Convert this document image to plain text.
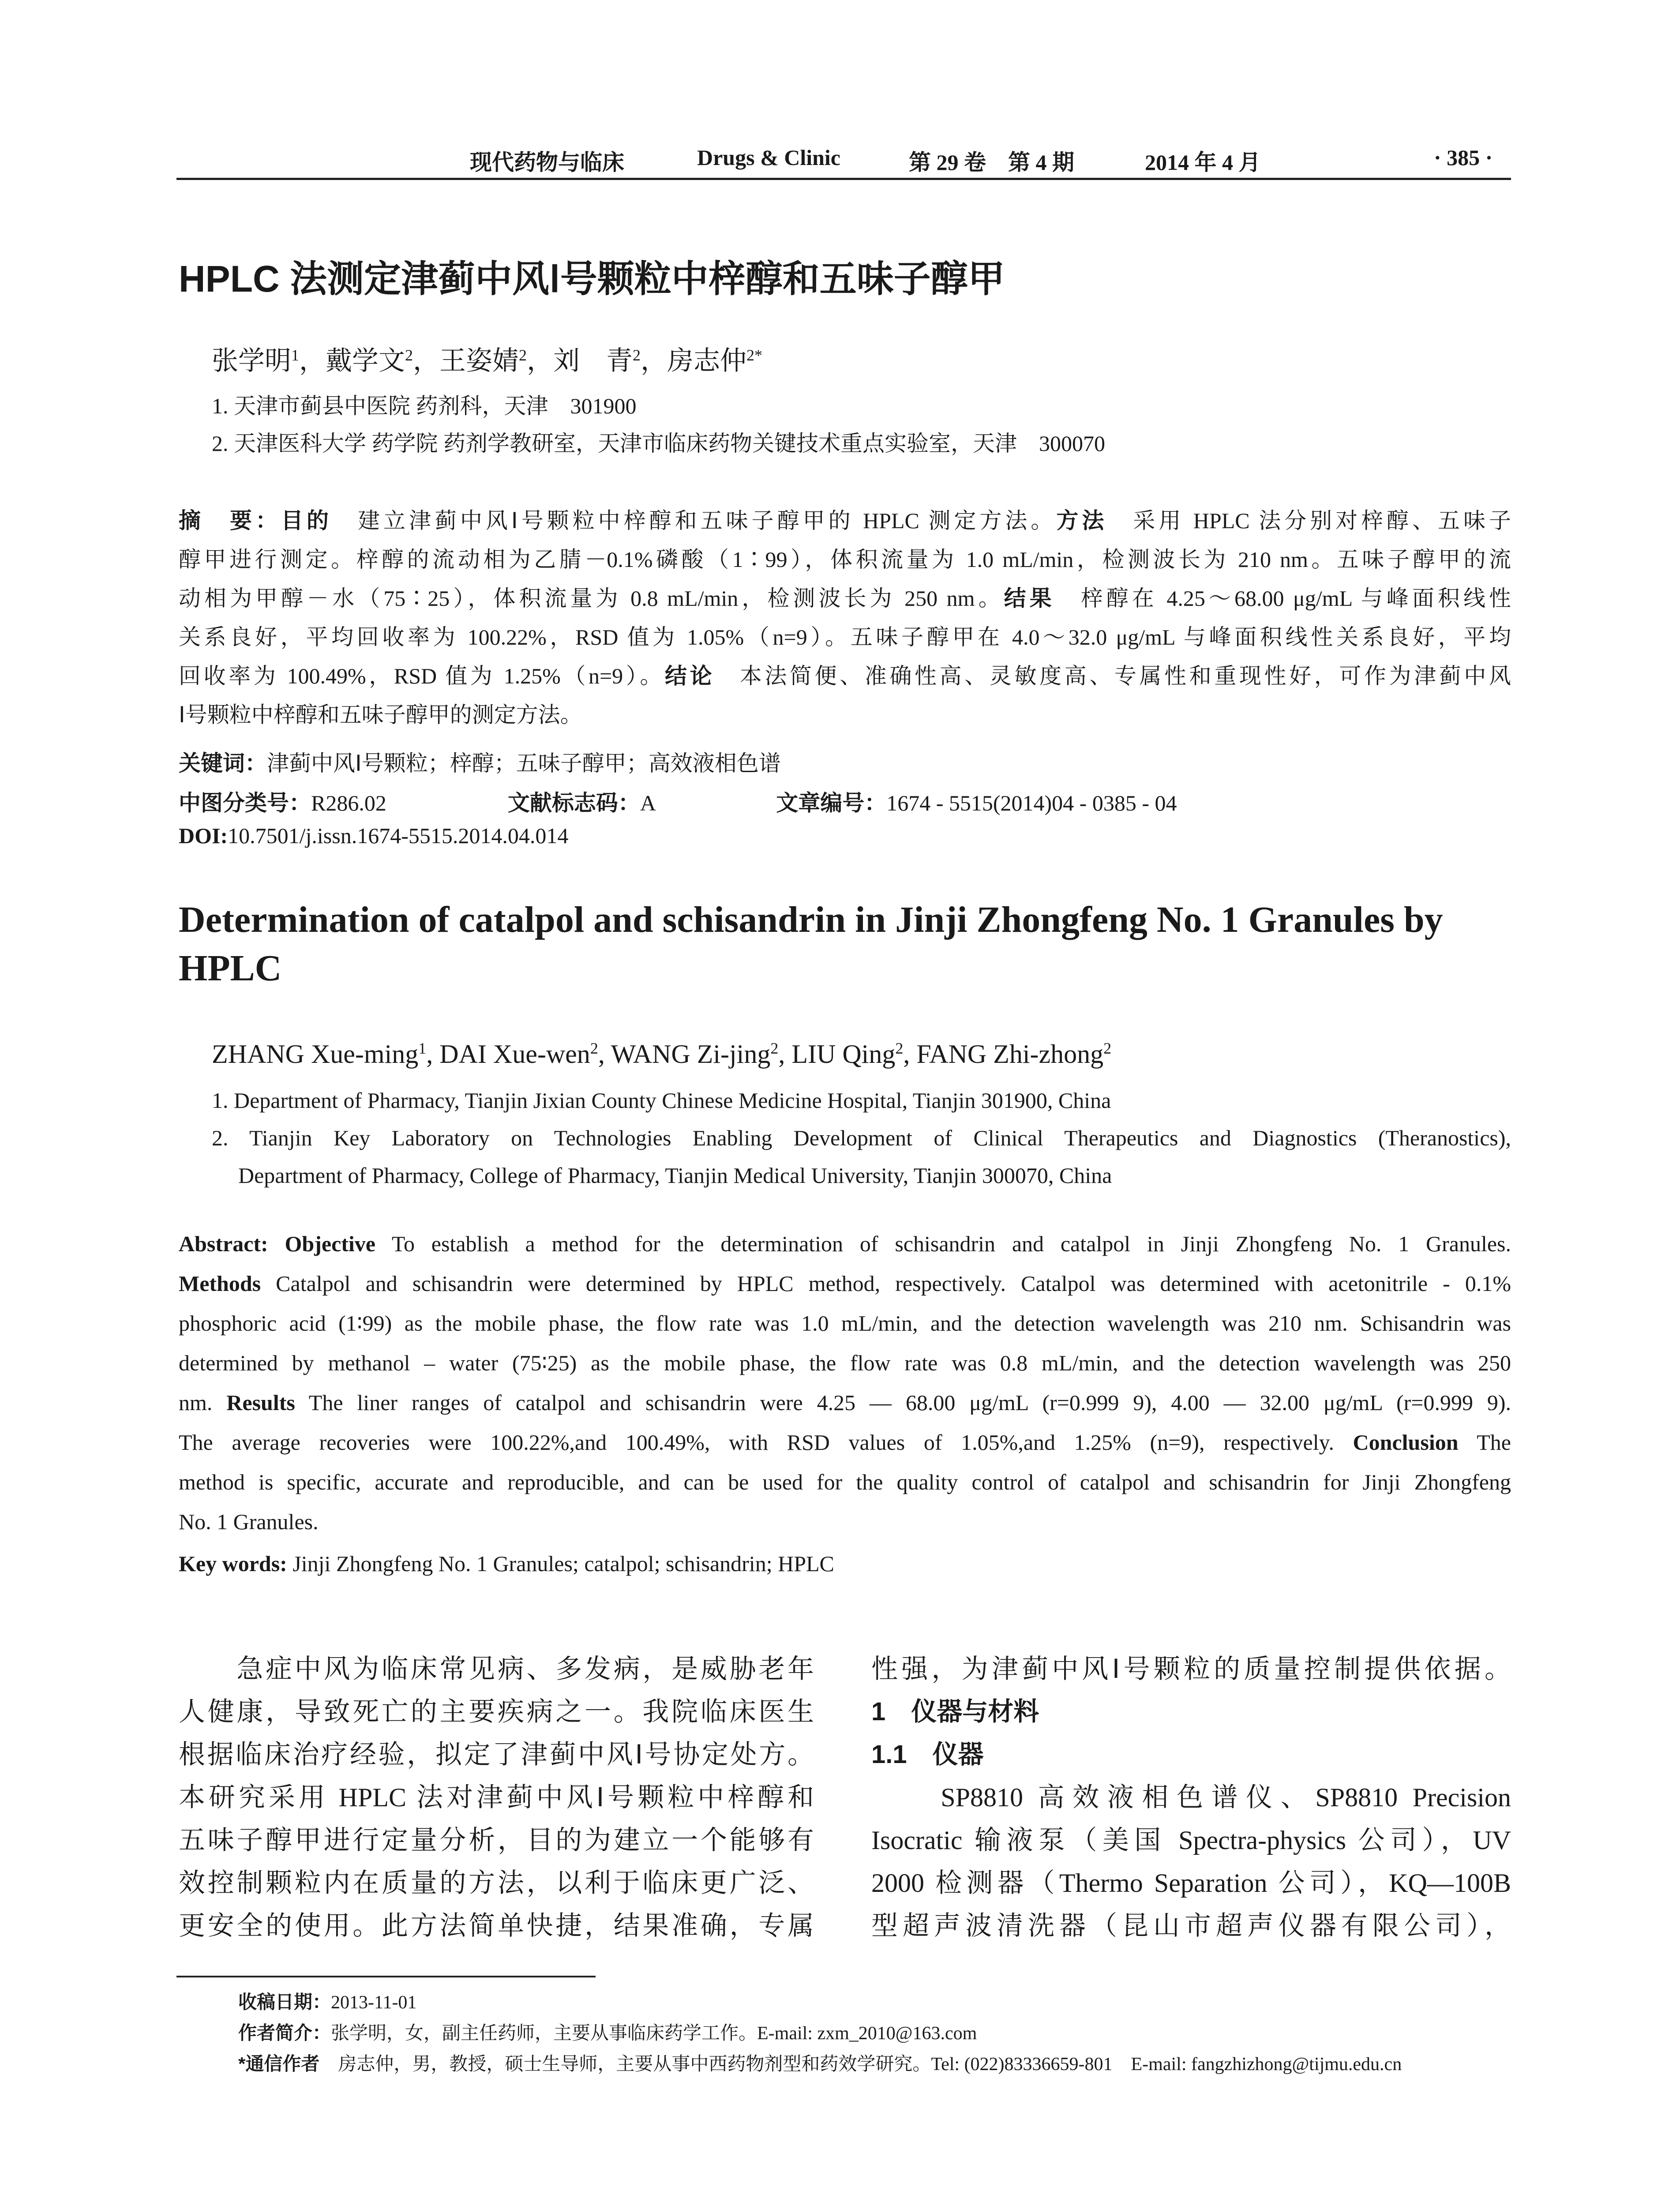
现代药物与临床	Drugs & Clinic	第 29 卷　第 4 期	2014 年 4 月	· 385 ·
HPLC 法测定津蓟中风Ⅰ号颗粒中梓醇和五味子醇甲
张学明$^1$，戴学文$^2$，王姿婧$^2$，刘　青$^2$，房志仲$^{2*}$
1. 天津市蓟县中医院 药剂科，天津　301900
2. 天津医科大学 药学院 药剂学教研室，天津市临床药物关键技术重点实验室，天津　300070
摘　要：目的　建立津蓟中风Ⅰ号颗粒中梓醇和五味子醇甲的 HPLC 测定方法。方法　采用 HPLC 法分别对梓醇、五味子
醇甲进行测定。梓醇的流动相为乙腈－0.1%磷酸（1∶99），体积流量为 1.0 mL/min，检测波长为 210 nm。五味子醇甲的流
动相为甲醇－水（75∶25），体积流量为 0.8 mL/min，检测波长为 250 nm。结果　梓醇在 4.25～68.00 μg/mL 与峰面积线性
关系良好，平均回收率为 100.22%，RSD 值为 1.05%（n=9）。五味子醇甲在 4.0～32.0 μg/mL 与峰面积线性关系良好，平均
回收率为 100.49%，RSD 值为 1.25%（n=9）。结论　本法简便、准确性高、灵敏度高、专属性和重现性好，可作为津蓟中风
Ⅰ号颗粒中梓醇和五味子醇甲的测定方法。
关键词：津蓟中风Ⅰ号颗粒；梓醇；五味子醇甲；高效液相色谱
中图分类号：R286.02	文献标志码：A	文章编号：1674 - 5515(2014)04 - 0385 - 04
DOI:10.7501/j.issn.1674-5515.2014.04.014
Determination of catalpol and schisandrin in Jinji Zhongfeng No. 1 Granules by HPLC
ZHANG Xue-ming$^1$, DAI Xue-wen$^2$, WANG Zi-jing$^2$, LIU Qing$^2$, FANG Zhi-zhong$^2$
1. Department of Pharmacy, Tianjin Jixian County Chinese Medicine Hospital, Tianjin 301900, China
2. Tianjin Key Laboratory on Technologies Enabling Development of Clinical Therapeutics and Diagnostics (Theranostics),
Department of Pharmacy, College of Pharmacy, Tianjin Medical University, Tianjin 300070, China
Abstract: Objective To establish a method for the determination of schisandrin and catalpol in Jinji Zhongfeng No. 1 Granules.
Methods Catalpol and schisandrin were determined by HPLC method, respectively. Catalpol was determined with acetonitrile - 0.1%
phosphoric acid (1∶99) as the mobile phase, the flow rate was 1.0 mL/min, and the detection wavelength was 210 nm. Schisandrin was
determined by methanol – water (75∶25) as the mobile phase, the flow rate was 0.8 mL/min, and the detection wavelength was 250
nm. Results The liner ranges of catalpol and schisandrin were 4.25 — 68.00 μg/mL (r=0.999 9), 4.00 — 32.00 μg/mL (r=0.999 9).
The average recoveries were 100.22%,and 100.49%, with RSD values of 1.05%,and 1.25% (n=9), respectively. Conclusion The
method is specific, accurate and reproducible, and can be used for the quality control of catalpol and schisandrin for Jinji Zhongfeng
No. 1 Granules.
Key words: Jinji Zhongfeng No. 1 Granules; catalpol; schisandrin; HPLC
　　急症中风为临床常见病、多发病，是威胁老年
人健康，导致死亡的主要疾病之一。我院临床医生
根据临床治疗经验，拟定了津蓟中风Ⅰ号协定处方。
本研究采用 HPLC 法对津蓟中风Ⅰ号颗粒中梓醇和
五味子醇甲进行定量分析，目的为建立一个能够有
效控制颗粒内在质量的方法，以利于临床更广泛、
更安全的使用。此方法简单快捷，结果准确，专属
性强，为津蓟中风Ⅰ号颗粒的质量控制提供依据。
1　仪器与材料
1.1　仪器
　　SP8810 高效液相色谱仪、SP8810 Precision
Isocratic 输液泵（美国 Spectra-physics 公司），UV
2000 检测器（Thermo Separation 公司），KQ—100B
型超声波清洗器（昆山市超声仪器有限公司），
收稿日期：2013-11-01
作者简介：张学明，女，副主任药师，主要从事临床药学工作。E-mail: zxm_2010@163.com
*通信作者　房志仲，男，教授，硕士生导师，主要从事中西药物剂型和药效学研究。Tel: (022)83336659-801　E-mail: fangzhizhong@tijmu.edu.cn
